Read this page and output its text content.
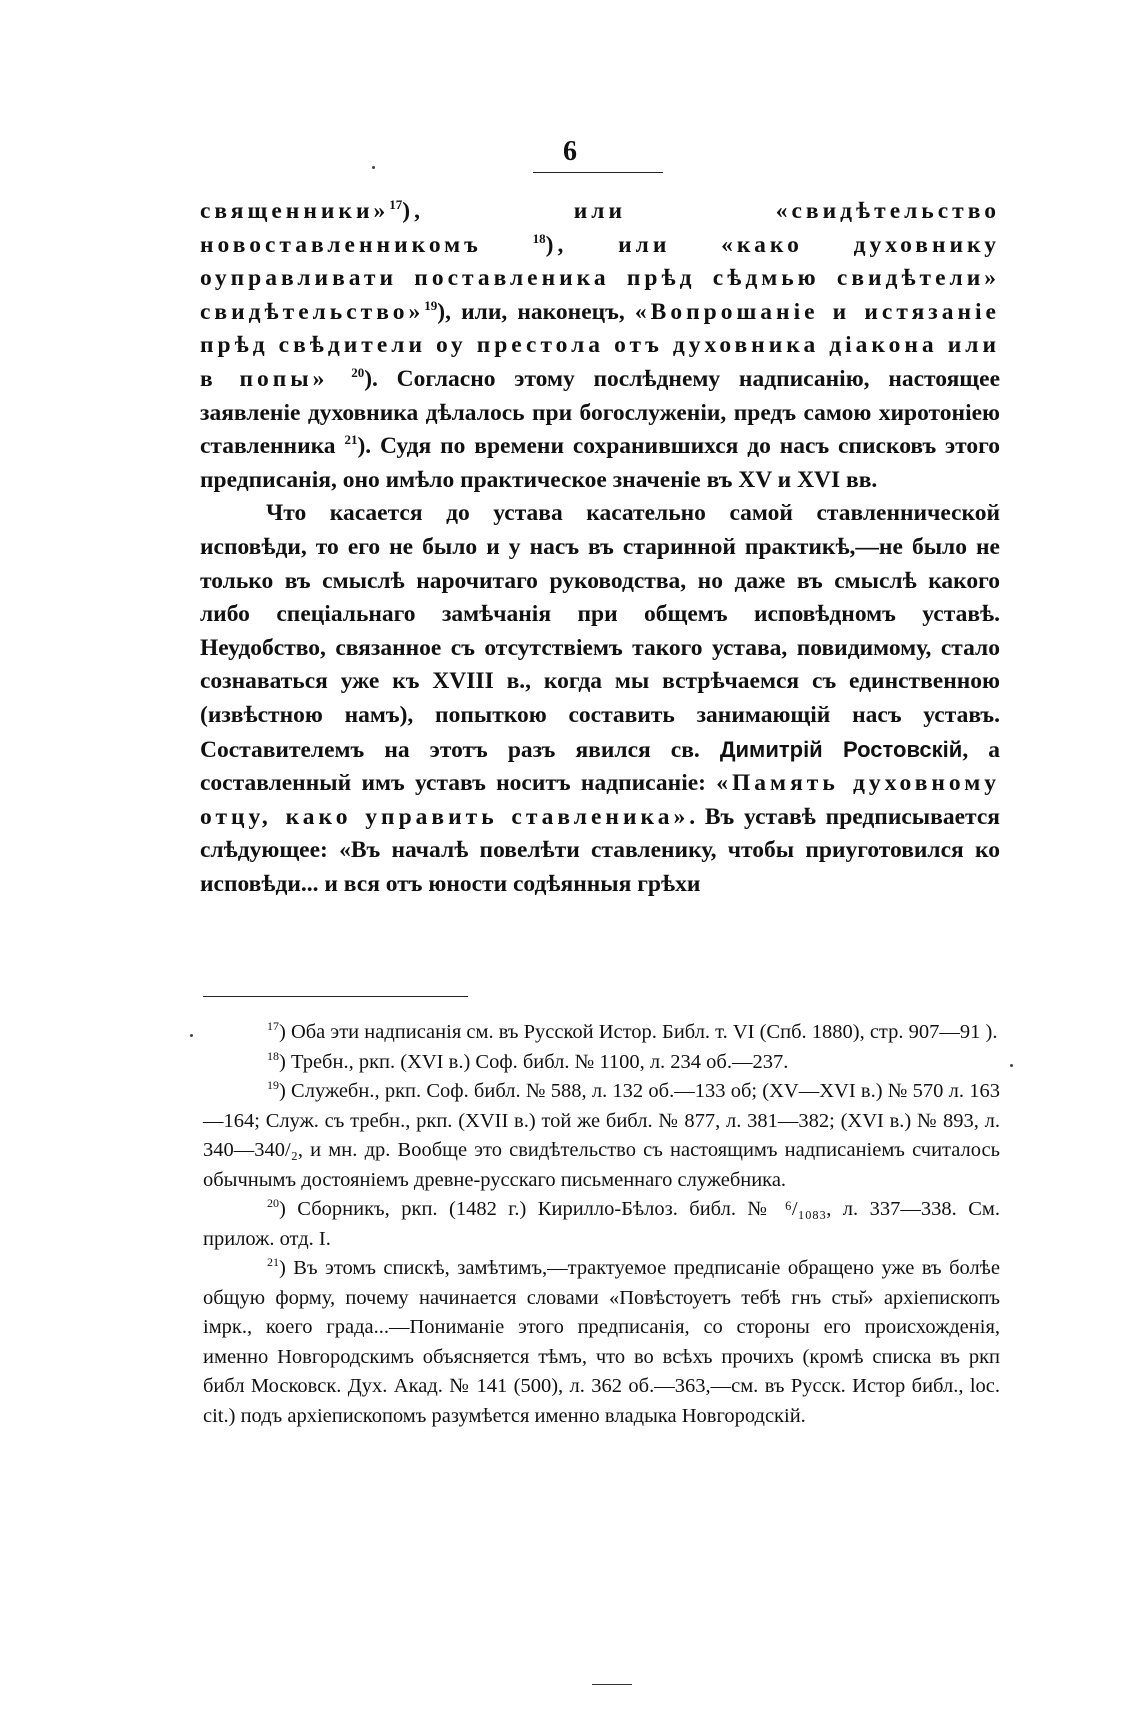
6

священники»$^{17}$), или «свидѣтельство новоставленникомъ $^{18}$), или «како духовнику оуправливати поставленика прѣд сѣдмью свидѣтели» свидѣтельство»$^{19}$), или, наконецъ, «Вопрошаніе и истязаніе прѣд свѣдители оу престола отъ духовника діакона или в попы» $^{20}$). Согласно этому послѣднему надписанію, настоящее заявленіе духовника дѣлалось при богослуженіи, предъ самою хиротоніею ставленника $^{21}$). Судя по времени сохранившихся до насъ списковъ этого предписанія, оно имѣло практическое значеніе въ XV и XVI вв.

Что касается до устава касательно самой ставленнической исповѣди, то его не было и у насъ въ старинной практикѣ,—не было не только въ смыслѣ нарочитаго руководства, но даже въ смыслѣ какого либо спеціальнаго замѣчанія при общемъ исповѣдномъ уставѣ. Неудобство, связанное съ отсутствіемъ такого устава, повидимому, стало сознаваться уже къ XVIII в., когда мы встрѣчаемся съ единственною (извѣстною намъ), попыткою составить занимающій насъ уставъ. Составителемъ на этотъ разъ явился св. Димитрій Ростовскій, а составленный имъ уставъ носитъ надписаніе: «Память духовному отцу, како управить ставленика». Въ уставѣ предписывается слѣдующее: «Въ началѣ повелѣти ставленику, чтобы приуготовился ко исповѣди... и вся отъ юности содѣянныя грѣхи

$^{17}$) Оба эти надписанія см. въ Русской Истор. Библ. т. VI (Спб. 1880), стр. 907—91 ).

$^{18}$) Требн., ркп. (XVI в.) Соф. библ. № 1100, л. 234 об.—237.

$^{19}$) Служебн., ркп. Соф. библ. № 588, л. 132 об.—133 об; (XV—XVI в.) № 570 л. 163—164; Служ. съ требн., ркп. (XVII в.) той же библ. № 877, л. 381—382; (XVI в.) № 893, л. 340—340/₂, и мн. др. Вообще это свидѣтельство съ настоящимъ надписаніемъ считалось обычнымъ достояніемъ древне-русскаго письменнаго служебника.

$^{20}$) Сборникъ, ркп. (1482 г.) Кирилло-Бѣлоз. библ. № ⁶/₁₀₈₃, л. 337—338. См. прилож. отд. I.

$^{21}$) Въ этомъ спискѣ, замѣтимъ,—трактуемое предписаніе обращено уже въ болѣе общую форму, почему начинается словами «Повѣстоуетъ тебѣ гнъ сты̆» архіепископъ імрк., коего града...—Пониманіе этого предписанія, со стороны его происхожденія, именно Новгородскимъ объясняется тѣмъ, что во всѣхъ прочихъ (кромѣ списка въ ркп библ Московск. Дух. Акад. № 141 (500), л. 362 об.—363,—см. въ Русск. Истор библ., loc. cit.) подъ архіепископомъ разумѣется именно владыка Новгородскій.
